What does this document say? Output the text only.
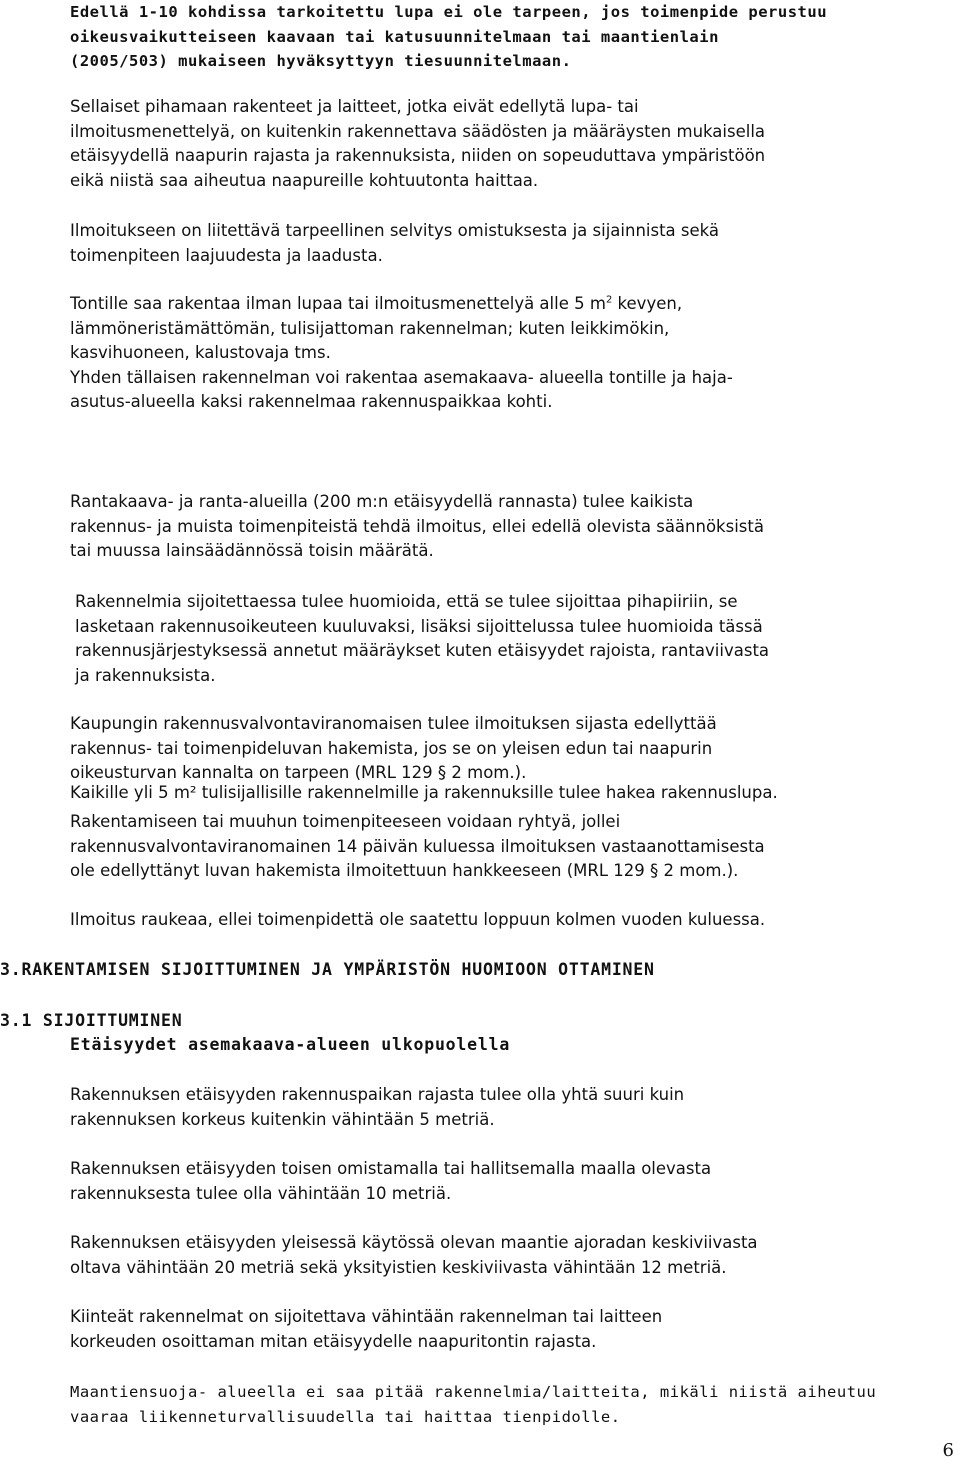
Edellä 1-10 kohdissa tarkoitettu lupa ei ole tarpeen, jos toimenpide perustuu
oikeusvaikutteiseen kaavaan tai katusuunnitelmaan tai maantienlain
(2005/503) mukaiseen hyväksyttyyn tiesuunnitelmaan.
Sellaiset pihamaan rakenteet ja laitteet, jotka eivät edellytä lupa- tai
ilmoitusmenettelyä, on kuitenkin rakennettava säädösten ja määräysten mukaisella
etäisyydellä naapurin rajasta ja rakennuksista, niiden on sopeuduttava ympäristöön
eikä niistä saa aiheutua naapureille kohtuutonta haittaa.
Ilmoitukseen on liitettävä tarpeellinen selvitys omistuksesta ja sijainnista sekä
toimenpiteen laajuudesta ja laadusta.
Tontille saa rakentaa ilman lupaa tai ilmoitusmenettelyä alle 5 $m^2$ kevyen,
lämmöneristämättömän, tulisijattoman rakennelman; kuten leikkimökin,
kasvihuoneen, kalustovaja tms.
Yhden tällaisen rakennelman voi rakentaa asemakaava- alueella tontille ja haja-
asutus-alueella kaksi rakennelmaa rakennuspaikkaa kohti.
Kaikille yli 5 m² tulisijallisille rakennelmille ja rakennuksille tulee hakea rakennuslupa.
Rantakaava- ja ranta-alueilla (200 m:n etäisyydellä rannasta) tulee kaikista
rakennus- ja muista toimenpiteistä tehdä ilmoitus, ellei edellä olevista säännöksistä
tai muussa lainsäädännössä toisin määrätä.
Rakennelmia sijoitettaessa tulee huomioida, että se tulee sijoittaa pihapiiriin, se
lasketaan rakennusoikeuteen kuuluvaksi, lisäksi sijoittelussa tulee huomioida tässä
rakennusjärjestyksessä annetut määräykset kuten etäisyydet rajoista, rantaviivasta
ja rakennuksista.
Kaupungin rakennusvalvontaviranomaisen tulee ilmoituksen sijasta edellyttää
rakennus- tai toimenpideluvan hakemista, jos se on yleisen edun tai naapurin
oikeusturvan kannalta on tarpeen (MRL 129 § 2 mom.).
Rakentamiseen tai muuhun toimenpiteeseen voidaan ryhtyä, jollei
rakennusvalvontaviranomainen 14 päivän kuluessa ilmoituksen vastaanottamisesta
ole edellyttänyt luvan hakemista ilmoitettuun hankkeeseen (MRL 129 § 2 mom.).
Ilmoitus raukeaa, ellei toimenpidettä ole saatettu loppuun kolmen vuoden kuluessa.
3.RAKENTAMISEN SIJOITTUMINEN JA YMPÄRISTÖN HUOMIOON OTTAMINEN
3.1 SIJOITTUMINEN
Etäisyydet asemakaava-alueen ulkopuolella
Rakennuksen etäisyyden rakennuspaikan rajasta tulee olla yhtä suuri kuin
rakennuksen korkeus kuitenkin vähintään 5 metriä.
Rakennuksen etäisyyden toisen omistamalla tai hallitsemalla maalla olevasta
rakennuksesta tulee olla vähintään 10 metriä.
Rakennuksen etäisyyden yleisessä käytössä olevan maantie ajoradan keskiviivasta
oltava vähintään 20 metriä sekä yksityistien keskiviivasta vähintään 12 metriä.
Kiinteät rakennelmat on sijoitettava vähintään rakennelman tai laitteen
korkeuden osoittaman mitan etäisyydelle naapuritontin rajasta.
Maantiensuoja- alueella ei saa pitää rakennelmia/laitteita, mikäli niistä aiheutuu
vaaraa liikenneturvallisuudella tai haittaa tienpidolle.
6
